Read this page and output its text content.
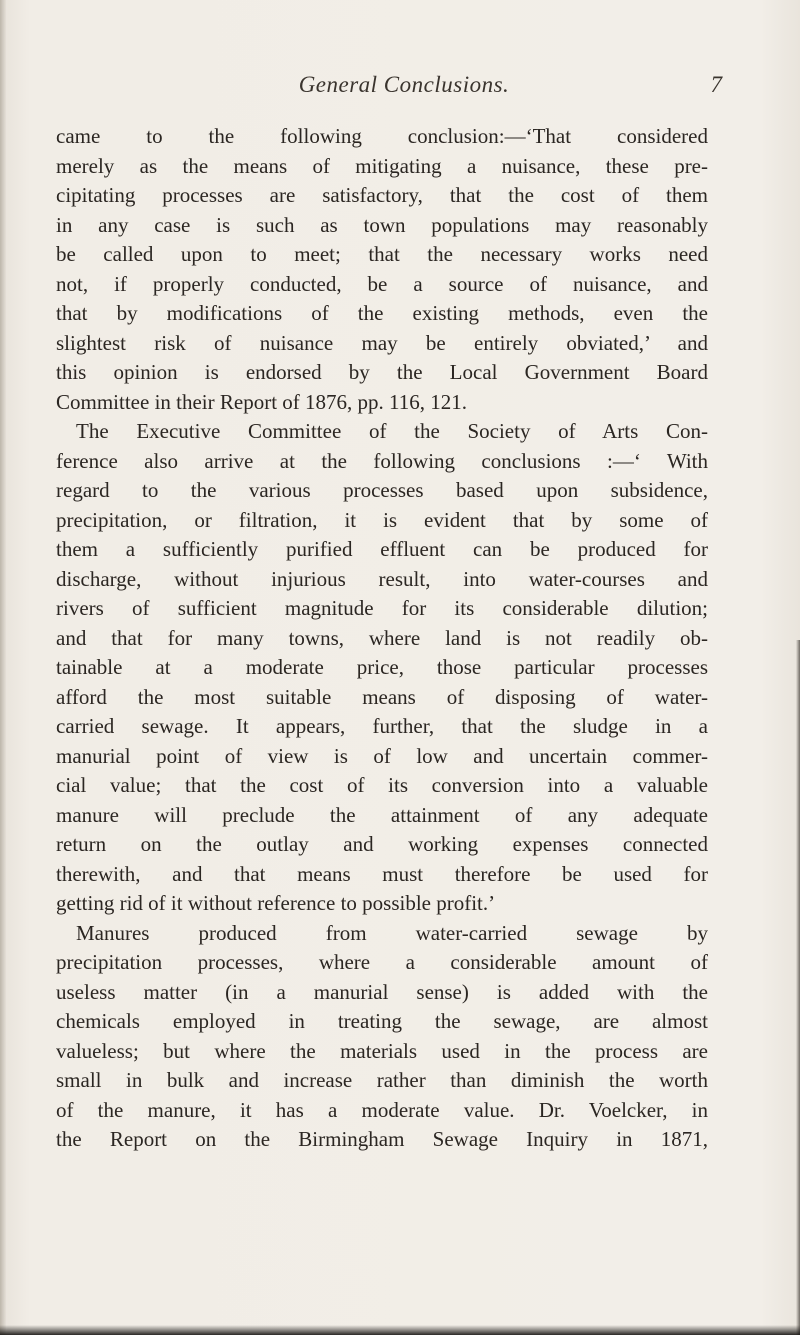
General Conclusions.	7
came to the following conclusion:—‘That considered
merely as the means of mitigating a nuisance, these pre-
cipitating processes are satisfactory, that the cost of them
in any case is such as town populations may reasonably
be called upon to meet; that the necessary works need
not, if properly conducted, be a source of nuisance, and
that by modifications of the existing methods, even the
slightest risk of nuisance may be entirely obviated,’ and
this opinion is endorsed by the Local Government Board
Committee in their Report of 1876, pp. 116, 121.
The Executive Committee of the Society of Arts Con-
ference also arrive at the following conclusions :—‘ With
regard to the various processes based upon subsidence,
precipitation, or filtration, it is evident that by some of
them a sufficiently purified effluent can be produced for
discharge, without injurious result, into water-courses and
rivers of sufficient magnitude for its considerable dilution;
and that for many towns, where land is not readily ob-
tainable at a moderate price, those particular processes
afford the most suitable means of disposing of water-
carried sewage. It appears, further, that the sludge in a
manurial point of view is of low and uncertain commer-
cial value; that the cost of its conversion into a valuable
manure will preclude the attainment of any adequate
return on the outlay and working expenses connected
therewith, and that means must therefore be used for
getting rid of it without reference to possible profit.’
Manures produced from water-carried sewage by
precipitation processes, where a considerable amount of
useless matter (in a manurial sense) is added with the
chemicals employed in treating the sewage, are almost
valueless; but where the materials used in the process are
small in bulk and increase rather than diminish the worth
of the manure, it has a moderate value. Dr. Voelcker, in
the Report on the Birmingham Sewage Inquiry in 1871,
